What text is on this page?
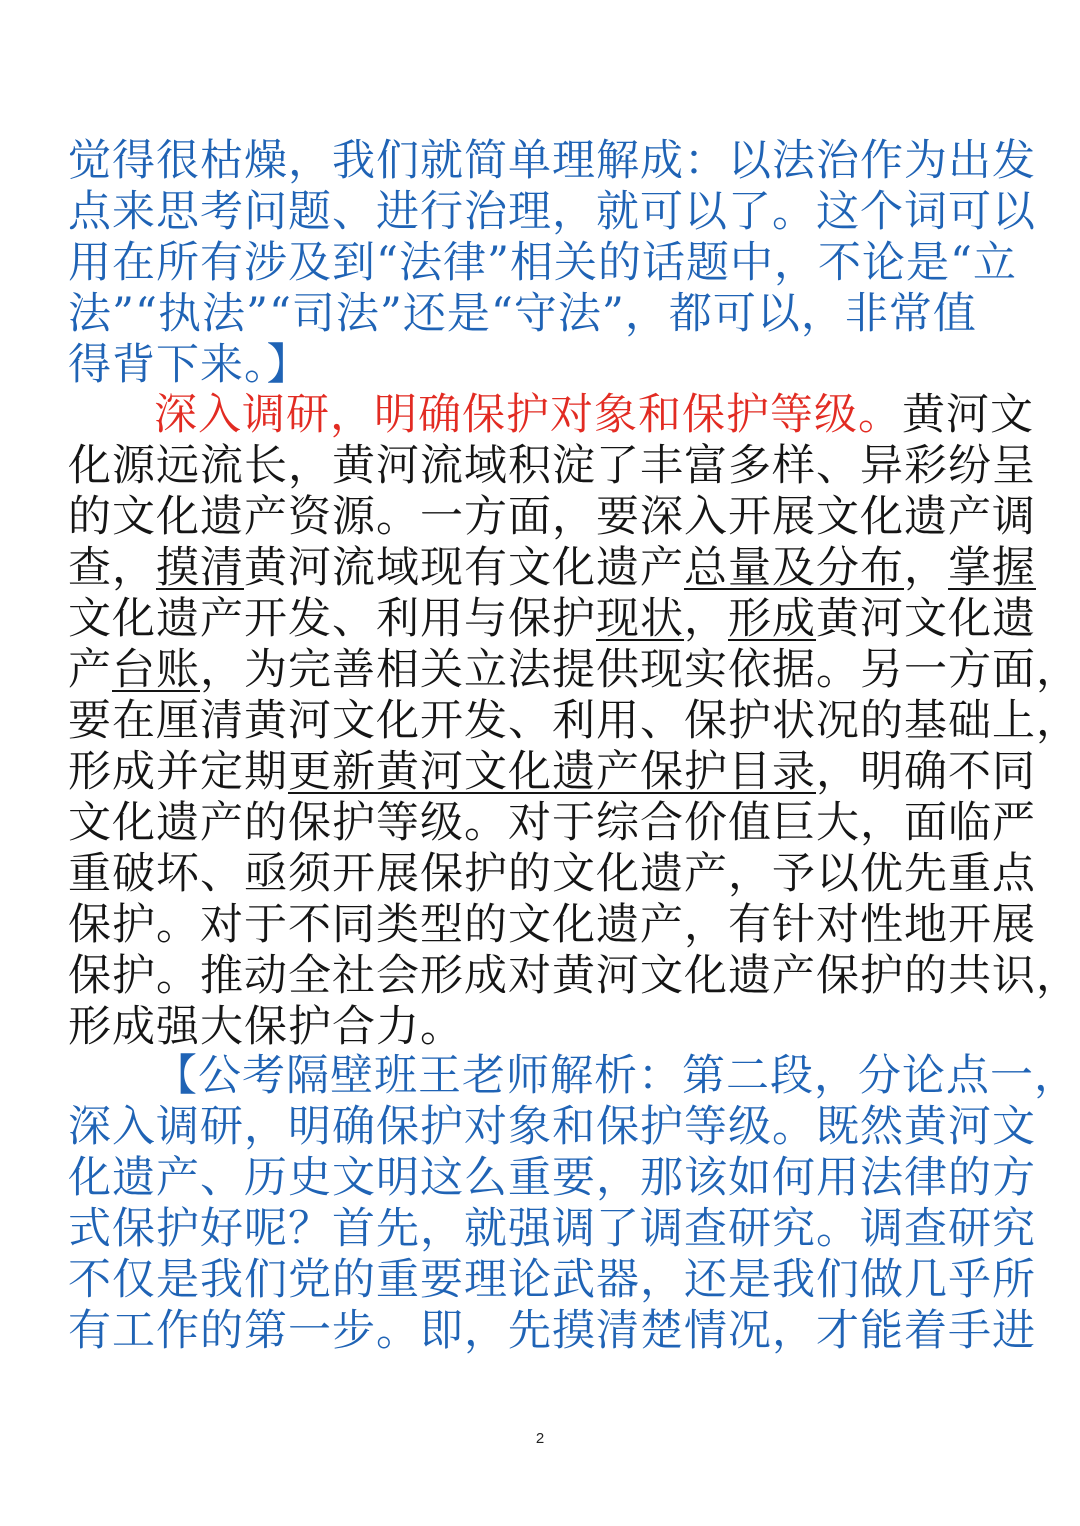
觉得很枯燥，我们就简单理解成：以法治作为出发
点来思考问题、进行治理，就可以了。这个词可以
用在所有涉及到“法律”相关的话题中，不论是“立
法”“执法”“司法”还是“守法”，都可以，非常值
得背下来。】
深入调研，明确保护对象和保护等级。黄河文
化源远流长，黄河流域积淀了丰富多样、异彩纷呈
的文化遗产资源。一方面，要深入开展文化遗产调
查，摸清黄河流域现有文化遗产总量及分布，掌握
文化遗产开发、利用与保护现状，形成黄河文化遗
产台账，为完善相关立法提供现实依据。另一方面，
要在厘清黄河文化开发、利用、保护状况的基础上，
形成并定期更新黄河文化遗产保护目录，明确不同
文化遗产的保护等级。对于综合价值巨大，面临严
重破坏、亟须开展保护的文化遗产，予以优先重点
保护。对于不同类型的文化遗产，有针对性地开展
保护。推动全社会形成对黄河文化遗产保护的共识，
形成强大保护合力。
【公考隔壁班王老师解析：第二段，分论点一，
深入调研，明确保护对象和保护等级。既然黄河文
化遗产、历史文明这么重要，那该如何用法律的方
式保护好呢？首先，就强调了调查研究。调查研究
不仅是我们党的重要理论武器，还是我们做几乎所
有工作的第一步。即，先摸清楚情况，才能着手进
2
